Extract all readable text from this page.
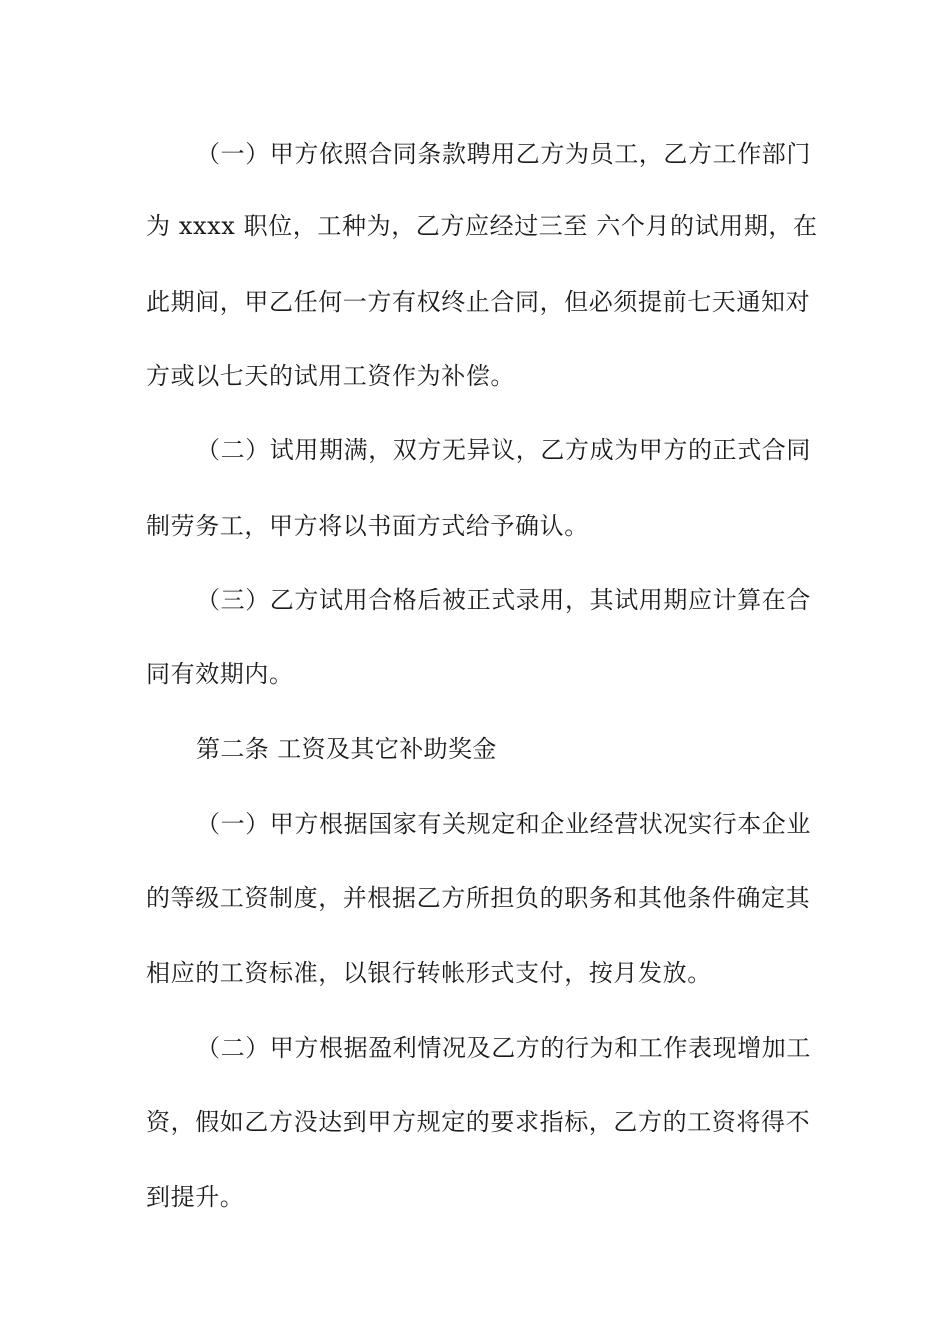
（一）甲方依照合同条款聘用乙方为员工，乙方工作部门
为 xxxx 职位，工种为，乙方应经过三至 六个月的试用期，在
此期间，甲乙任何一方有权终止合同，但必须提前七天通知对
方或以七天的试用工资作为补偿。
（二）试用期满，双方无异议，乙方成为甲方的正式合同
制劳务工，甲方将以书面方式给予确认。
（三）乙方试用合格后被正式录用，其试用期应计算在合
同有效期内。
第二条 工资及其它补助奖金
（一）甲方根据国家有关规定和企业经营状况实行本企业
的等级工资制度，并根据乙方所担负的职务和其他条件确定其
相应的工资标准，以银行转帐形式支付，按月发放。
（二）甲方根据盈利情况及乙方的行为和工作表现增加工
资，假如乙方没达到甲方规定的要求指标，乙方的工资将得不
到提升。
